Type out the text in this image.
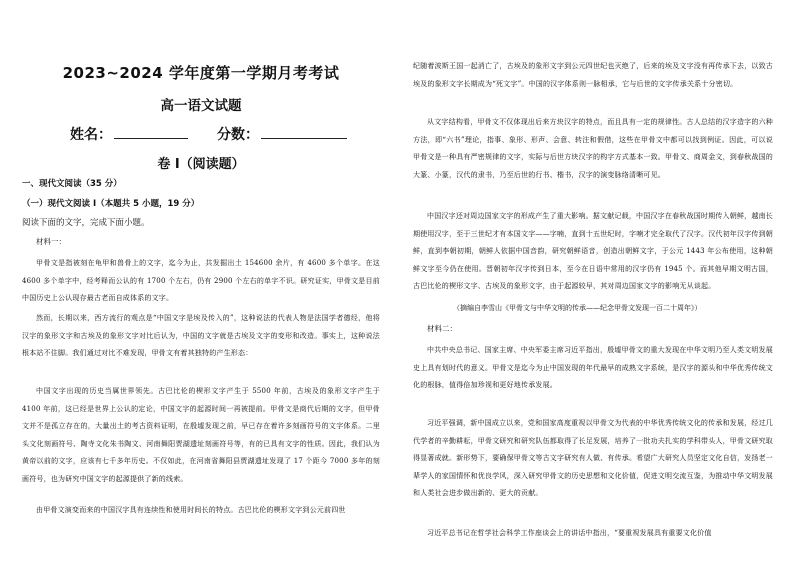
2023~2024 学年度第一学期月考考试
高一语文试题
姓名：	分数：
卷 I（阅读题）
一、现代文阅读（35 分）
（一）现代文阅读 I（本题共 5 小题，19 分）
阅读下面的文字，完成下面小题。
材料一：

甲骨文是指被刻在龟甲和兽骨上的文字，迄今为止，共发掘出土 154600 余片，有 4600 多个单字。在这 4600 多个单字中，经考释而公认的有 1700 个左右，仍有 2900 个左右的单字不识。研究证实，甲骨文是目前中国历史上公认现存最古老而自成体系的文字。

然而，长期以来，西方流行的观点是“中国文字是埃及传入的”，这种说法的代表人物是法国学者德经，他将汉字的象形文字和古埃及的象形文字对比后认为，中国的文字就是古埃及文字的变形和改造。事实上，这种说法根本站不住脚。我们通过对比不难发现，甲骨文有着其独特的产生形态：

中国文字出现的历史当属世界领先。古巴比伦的楔形文字产生于 5500 年前，古埃及的象形文字产生于 4100 年前，这已经是世界上公认的定论，中国文字的起源时间一再被提前。甲骨文是商代后期的文字，但甲骨文并不是孤立存在的，大量出土的考古资料证明，在殷墟发现之前，早已存在着许多刻画符号的文字体系。二里头文化刻画符号、陶寺文化朱书陶文、河南舞阳贾湖遗址刻画符号等，有的已具有文字的性质。因此，我们认为黄帝以前的文字，应该有七千多年历史。不仅如此，在河南省舞阳县贾湖遗址发现了 17 个距今 7000 多年的刻画符号，也为研究中国文字的起源提供了新的线索。

由甲骨文演变而来的中国汉字具有连续性和使用时间长的特点。古巴比伦的楔形文字到公元前四世

纪随着波斯王国一起消亡了，古埃及的象形文字到公元四世纪也灭绝了，后来的埃及文字没有再传承下去，以致古埃及的象形文字长期成为“死文字”。中国的汉字体系则一脉相承，它与后世的文字传承关系十分密切。

从文字结构看，甲骨文不仅体现出后来方块汉字的特点，而且具有一定的规律性。古人总结的汉字造字的六种方法，即“六书”理论，指事、象形、形声、会意、转注和假借，这些在甲骨文中都可以找到例证。因此，可以说甲骨文是一种具有严密规律的文字，实际与后世方块汉字的构字方式基本一致。甲骨文、商周金文，到春秋战国的大篆、小篆，汉代的隶书，乃至后世的行书、楷书，汉字的演变脉络清晰可见。

中国汉字还对周边国家文字的形成产生了重大影响。据文献记载，中国汉字在春秋战国时期传入朝鲜，越南长期使用汉字，至于三世纪才有本国文字——字喃，直到十五世纪时，字喃才完全取代了汉字。汉代初年汉字传到朝鲜，直到李朝初期，朝鲜人依据中国音韵，研究朝鲜语音，创造出朝鲜文字，于公元 1443 年公布使用，这种朝鲜文字至今仍在使用。晋朝初年汉字传到日本，至今在日语中常用的汉字仍有 1945 个。而其他早期文明古国，古巴比伦的楔形文字、古埃及的象形文字，由于起源较早，其对周边国家文字的影响无从谈起。

（摘编自李雪山《甲骨文与中华文明的传承——纪念甲骨文发现一百二十周年》）
材料二：

中共中央总书记、国家主席、中央军委主席习近平指出，殷墟甲骨文的重大发现在中华文明乃至人类文明发展史上具有划时代的意义。甲骨文是迄今为止中国发现的年代最早的成熟文字系统，是汉字的源头和中华优秀传统文化的根脉，值得倍加珍视和更好地传承发展。

习近平强调，新中国成立以来，党和国家高度重视以甲骨文为代表的中华优秀传统文化的传承和发展，经过几代学者的辛勤耕耘，甲骨文研究和研究队伍都取得了长足发展，培养了一批功夫扎实的学科带头人，甲骨文研究取得显著成就。新形势下，要确保甲骨文等古文字研究有人做、有传承。希望广大研究人员坚定文化自信，发扬老一辈学人的家国情怀和优良学风，深入研究甲骨文的历史思想和文化价值，促进文明交流互鉴，为推动中华文明发展和人类社会进步做出新的、更大的贡献。

习近平总书记在哲学社会科学工作座谈会上的讲话中指出，“要重视发展具有重要文化价值
